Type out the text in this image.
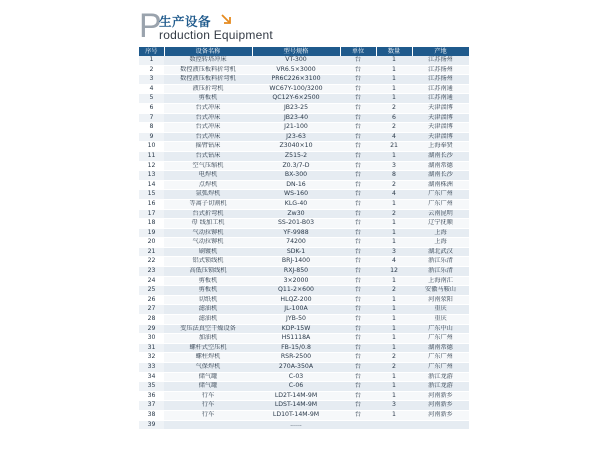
P
生产设备
roduction Equipment
序号	设备名称	型号规格	单位	数量	产地
1	数控转塔冲床	VT-300	台	1	江苏扬州
2	数控液压板料折弯机	VR6.5×3000	台	1	江苏扬州
3	数控液压板料折弯机	PR6C226×3100	台	1	江苏扬州
4	液压折弯机	WC67Y-100/3200	台	1	江苏南通
5	剪板机	QC12Y-6×2500	台	1	江苏南通
6	台式冲床	JB23-25	台	2	天津淄博
7	台式冲床	JB23-40	台	6	天津淄博
8	台式冲床	J21-100	台	2	天津淄博
9	台式冲床	J23-63	台	4	天津淄博
10	摇臂钻床	Z3040×10	台	21	上海奉贤
11	台式钻床	Z515-2	台	1	湖南长沙
12	空气压缩机	Z0.3/7-D	台	3	湖南常德
13	电焊机	BX-300	台	8	湖南长沙
14	点焊机	DN-16	台	2	湖南株洲
15	氩弧焊机	WS-160	台	4	广东广州
16	等离子切割机	KLG-40	台	1	广东广州
17	台式折弯机	Zw30	台	2	云南昆明
18	母 线加工机	SS-201-B03	台	1	辽宁抚顺
19	气动拉铆机	YF-9988	台	1	上海
20	气动拉铆机	74200	台	1	上海
21	刷镀机	SDK-1	台	3	湖北武汉
22	铝式锁线机	BRJ-1400	台	4	浙江乐清
23	高低压锁线机	RXJ-850	台	12	浙江乐清
24	剪板机	3×2000	台	1	上海南汇
25	剪板机	Q11-2×600	台	2	安徽马鞍山
26	切纸机	HLQZ-200	台	1	河南荥阳
27	滤油机	JL-100A	台	1	重庆
28	滤油机	JYB-50	台	1	重庆
29	变压法真空干燥设备	KDP-15W	台	1	广东中山
30	加油机	HS1118A	台	1	广东广州
31	螺杆式空压机	FB-15/0.8	台	1	湖南常德
32	螺柱焊机	RSR-2500	台	2	广东广州
33	气保焊机	270A-350A	台	2	广东广州
34	储气罐	C-03	台	1	浙江龙游
35	储气罐	C-06	台	1	浙江龙游
36	行车	LD2T-14M-9M	台	1	河南新乡
37	行车	LDST-14M-9M	台	3	河南新乡
38	行车	LD10T-14M-9M	台	1	河南新乡
39		......			
